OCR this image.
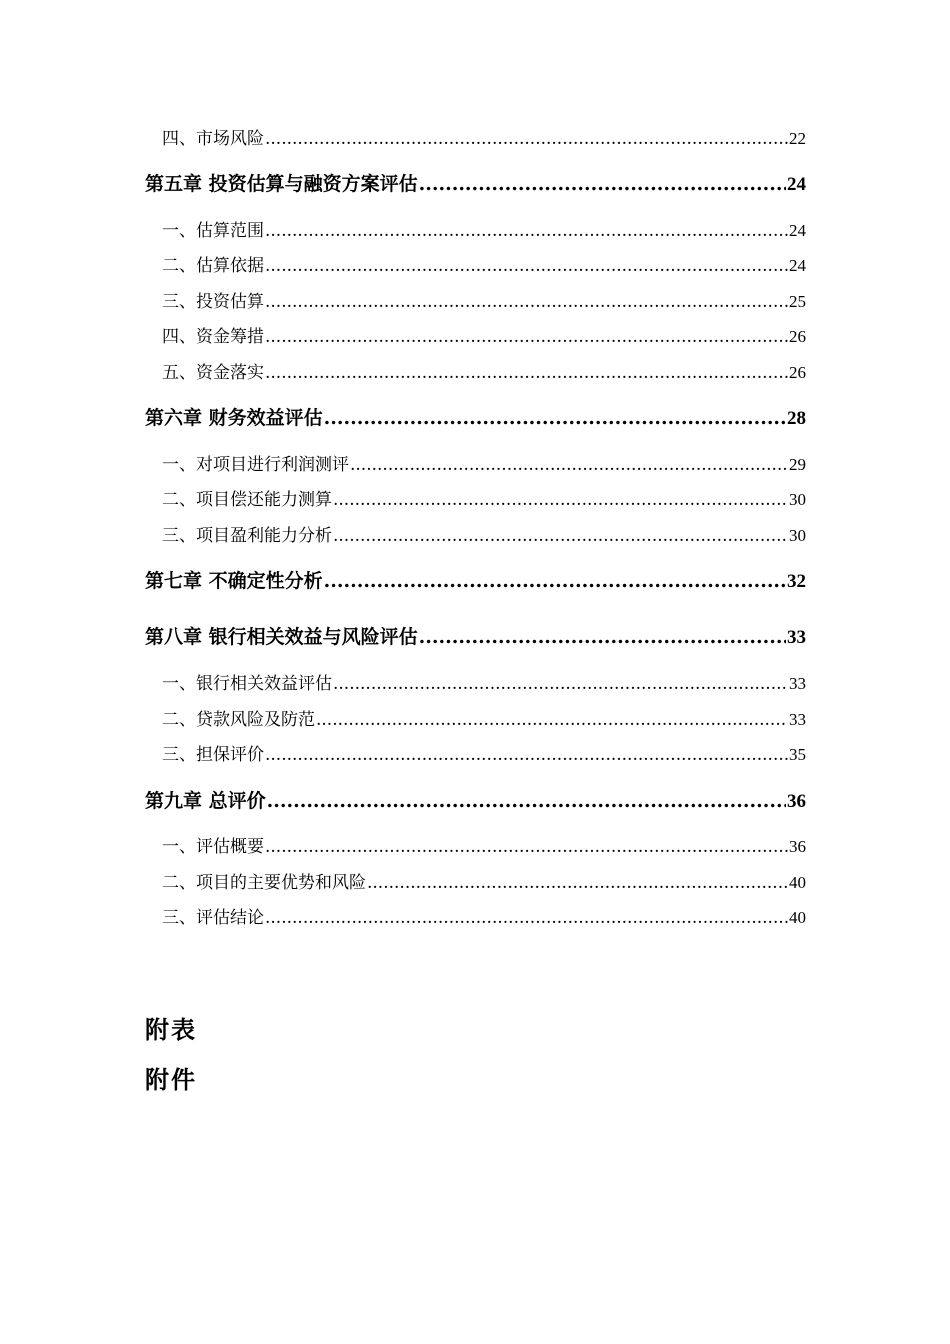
四、市场风险 .....	22
第五章 投资估算与融资方案评估 .....	24
一、估算范围 .....	24
二、估算依据 .....	24
三、投资估算 .....	25
四、资金筹措 .....	26
五、资金落实 .....	26
第六章 财务效益评估 .....	28
一、对项目进行利润测评 .....	29
二、项目偿还能力测算 .....	30
三、项目盈利能力分析 .....	30
第七章 不确定性分析 .....	32
第八章 银行相关效益与风险评估 .....	33
一、银行相关效益评估 .....	33
二、贷款风险及防范 .....	33
三、担保评价 .....	35
第九章 总评价 .....	36
一、评估概要 .....	36
二、项目的主要优势和风险 .....	40
三、评估结论 .....	40
附表
附件
